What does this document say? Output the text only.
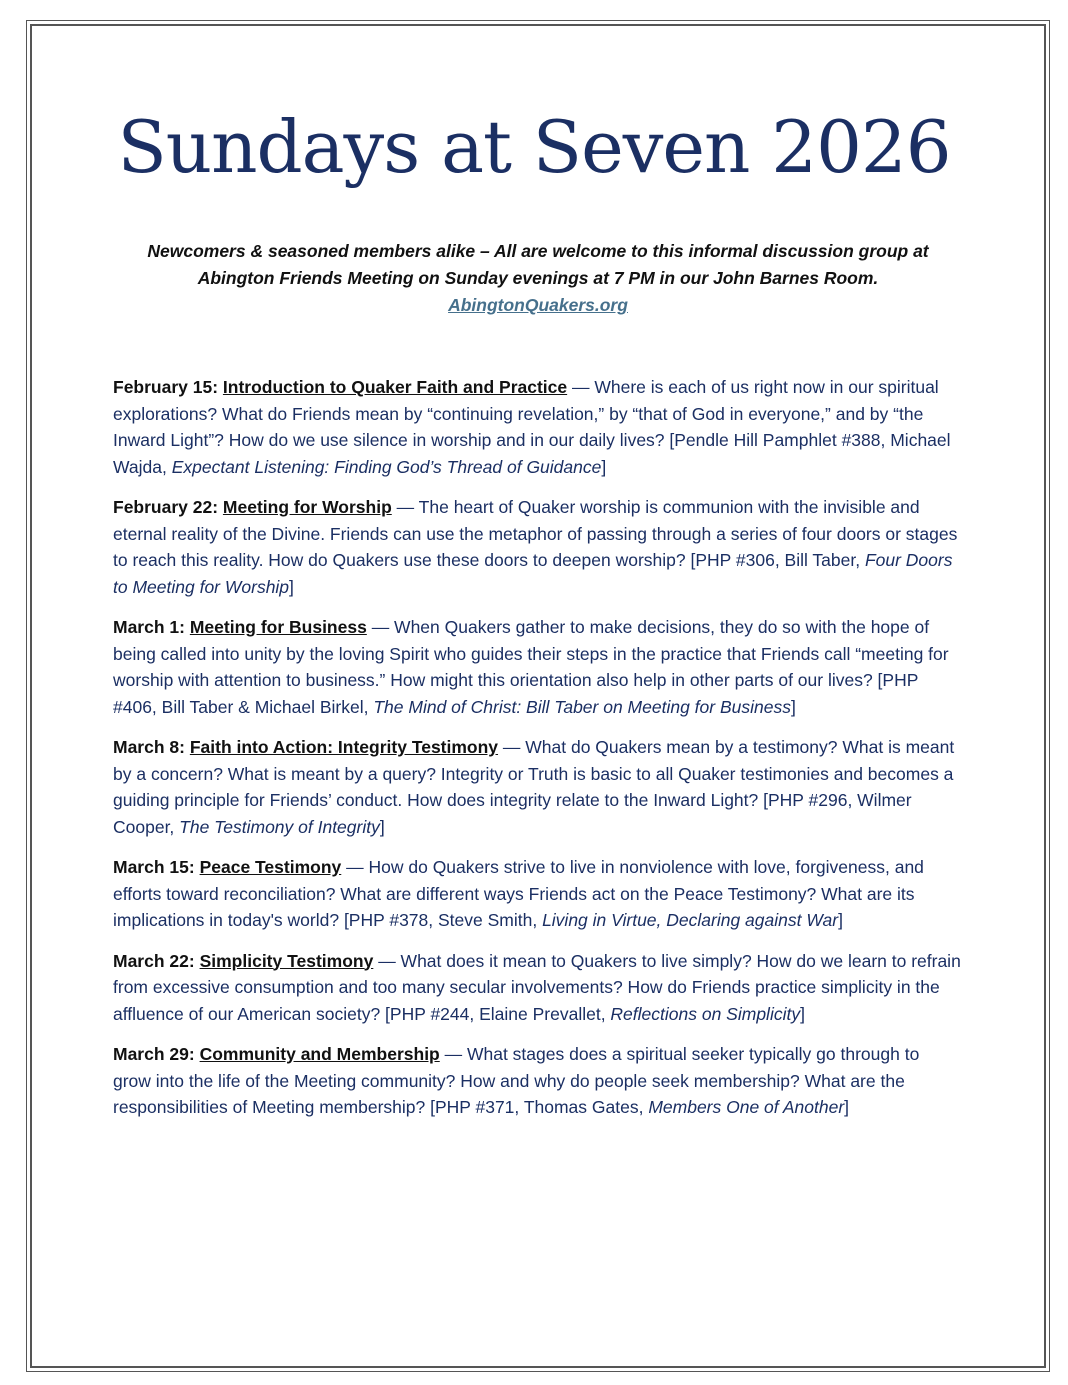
Sundays at Seven 2026

Newcomers & seasoned members alike – All are welcome to this informal discussion group at
Abington Friends Meeting on Sunday evenings at 7 PM in our John Barnes Room.
AbingtonQuakers.org

February 15: Introduction to Quaker Faith and Practice — Where is each of us right now in our spiritual explorations? What do Friends mean by “continuing revelation,” by “that of God in everyone,” and by “the Inward Light”? How do we use silence in worship and in our daily lives? [Pendle Hill Pamphlet #388, Michael Wajda, Expectant Listening: Finding God’s Thread of Guidance]
February 22: Meeting for Worship — The heart of Quaker worship is communion with the invisible and eternal reality of the Divine. Friends can use the metaphor of passing through a series of four doors or stages to reach this reality. How do Quakers use these doors to deepen worship? [PHP #306, Bill Taber, Four Doors to Meeting for Worship]
March 1: Meeting for Business — When Quakers gather to make decisions, they do so with the hope of being called into unity by the loving Spirit who guides their steps in the practice that Friends call “meeting for worship with attention to business.” How might this orientation also help in other parts of our lives? [PHP #406, Bill Taber & Michael Birkel, The Mind of Christ: Bill Taber on Meeting for Business]
March 8: Faith into Action: Integrity Testimony — What do Quakers mean by a testimony? What is meant by a concern? What is meant by a query? Integrity or Truth is basic to all Quaker testimonies and becomes a guiding principle for Friends’ conduct. How does integrity relate to the Inward Light? [PHP #296, Wilmer Cooper, The Testimony of Integrity]
March 15: Peace Testimony — How do Quakers strive to live in nonviolence with love, forgiveness, and efforts toward reconciliation? What are different ways Friends act on the Peace Testimony? What are its implications in today's world? [PHP #378, Steve Smith, Living in Virtue, Declaring against War]
March 22: Simplicity Testimony — What does it mean to Quakers to live simply? How do we learn to refrain from excessive consumption and too many secular involvements? How do Friends practice simplicity in the affluence of our American society? [PHP #244, Elaine Prevallet, Reflections on Simplicity]
March 29: Community and Membership — What stages does a spiritual seeker typically go through to grow into the life of the Meeting community? How and why do people seek membership? What are the responsibilities of Meeting membership? [PHP #371, Thomas Gates, Members One of Another]
